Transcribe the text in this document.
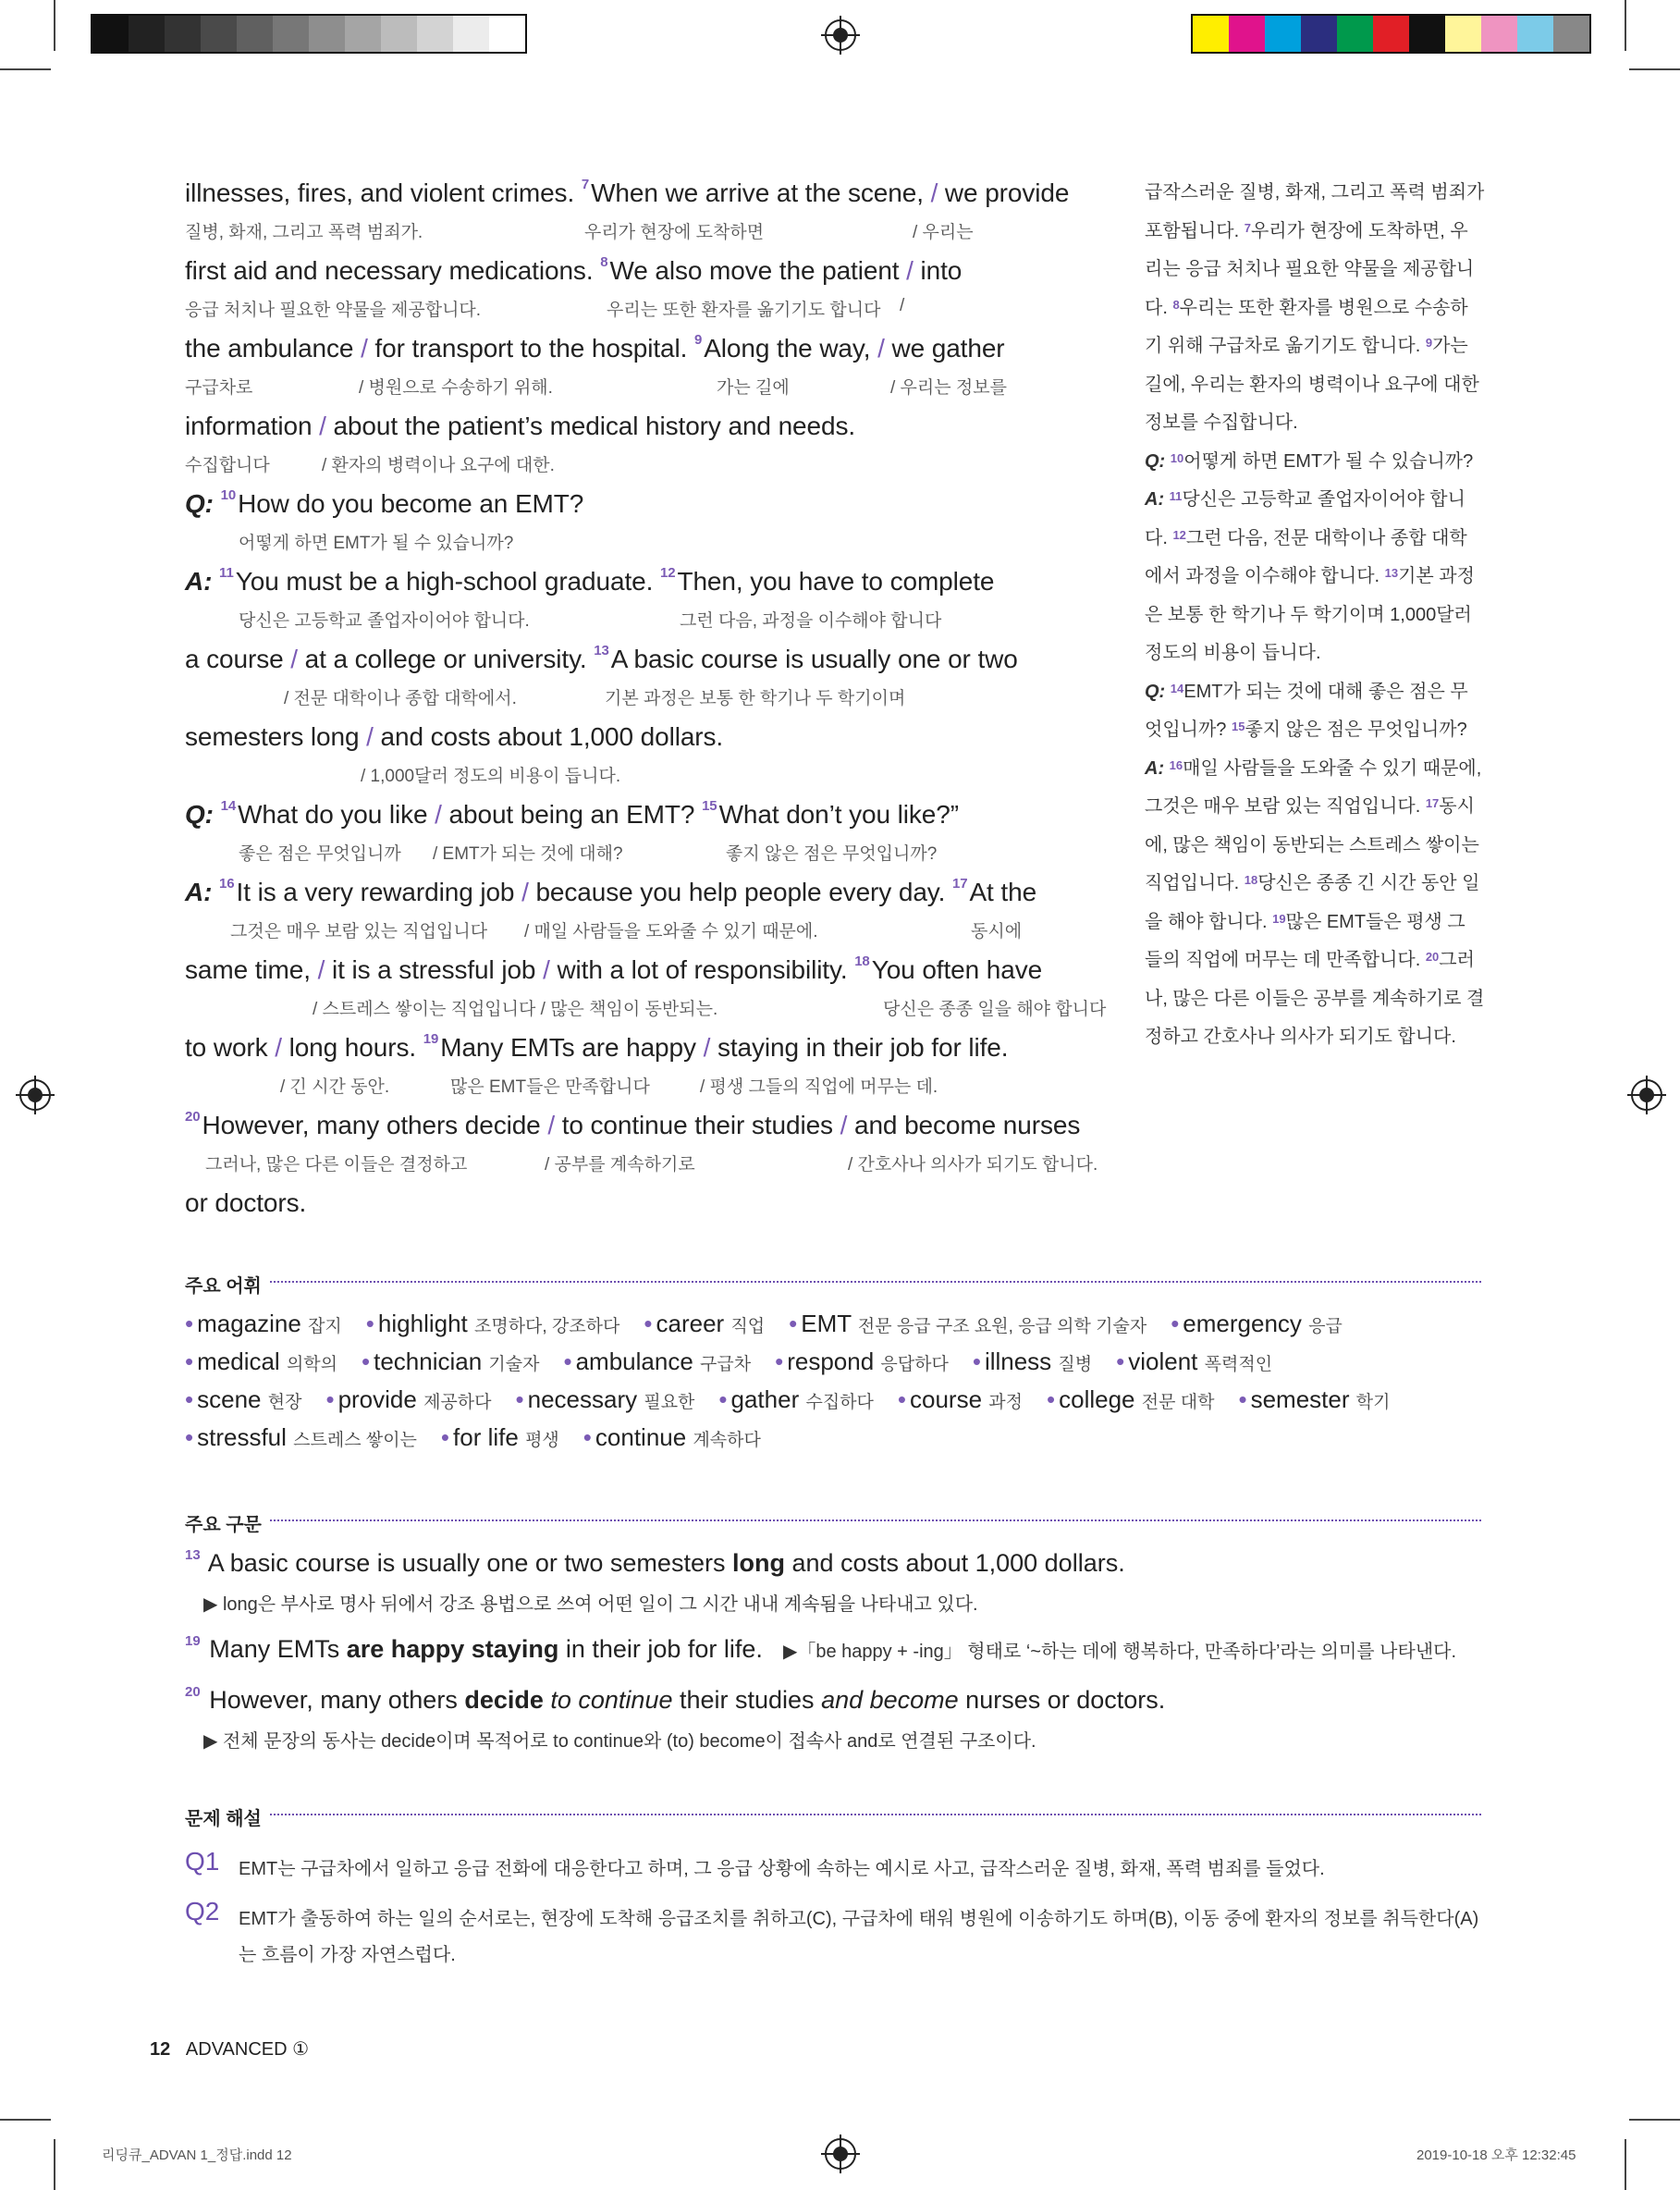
illnesses, fires, and violent crimes. $^7$When we arrive at the scene, / we provide
질병, 화재, 그리고 폭력 범죄가.	우리가 현장에 도착하면	/ 우리는
first aid and necessary medications. $^8$We also move the patient / into
응급 처치나 필요한 약물을 제공합니다.	우리는 또한 환자를 옮기기도 합니다 /
the ambulance / for transport to the hospital. $^9$Along the way, / we gather
구급차로	/ 병원으로 수송하기 위해.	가는 길에	/ 우리는 정보를
information / about the patient’s medical history and needs.
수집합니다	/ 환자의 병력이나 요구에 대한.
Q: $^{10}$How do you become an EMT?
어떻게 하면 EMT가 될 수 있습니까?
A: $^{11}$You must be a high-school graduate. $^{12}$Then, you have to complete
당신은 고등학교 졸업자이어야 합니다.	그런 다음, 과정을 이수해야 합니다
a course / at a college or university. $^{13}$A basic course is usually one or two
/ 전문 대학이나 종합 대학에서.	기본 과정은 보통 한 학기나 두 학기이며
semesters long / and costs about 1,000 dollars.
/ 1,000달러 정도의 비용이 듭니다.
Q: $^{14}$What do you like / about being an EMT? $^{15}$What don’t you like?”
좋은 점은 무엇입니까 / EMT가 되는 것에 대해?	좋지 않은 점은 무엇입니까?
A: $^{16}$It is a very rewarding job / because you help people every day. $^{17}$At the
그것은 매우 보람 있는 직업입니다 / 매일 사람들을 도와줄 수 있기 때문에.	동시에
same time, / it is a stressful job / with a lot of responsibility. $^{18}$You often have
/ 스트레스 쌓이는 직업입니다 / 많은 책임이 동반되는.	당신은 종종 일을 해야 합니다
to work / long hours. $^{19}$Many EMTs are happy / staying in their job for life.
/ 긴 시간 동안.	많은 EMT들은 만족합니다	/ 평생 그들의 직업에 머무는 데.
$^{20}$However, many others decide / to continue their studies / and become nurses
그러나, 많은 다른 이들은 결정하고	/ 공부를 계속하기로	/ 간호사나 의사가 되기도 합니다.
or doctors.
급작스러운 질병, 화재, 그리고 폭력 범죄가
포함됩니다. $^7$우리가 현장에 도착하면, 우
리는 응급 처치나 필요한 약물을 제공합니
다. $^8$우리는 또한 환자를 병원으로 수송하
기 위해 구급차로 옮기기도 합니다. $^9$가는
길에, 우리는 환자의 병력이나 요구에 대한
정보를 수집합니다.
Q: $^{10}$어떻게 하면 EMT가 될 수 있습니까?
A: $^{11}$당신은 고등학교 졸업자이어야 합니
다. $^{12}$그런 다음, 전문 대학이나 종합 대학
에서 과정을 이수해야 합니다. $^{13}$기본 과정
은 보통 한 학기나 두 학기이며 1,000달러
정도의 비용이 듭니다.
Q: $^{14}$EMT가 되는 것에 대해 좋은 점은 무
엇입니까? $^{15}$좋지 않은 점은 무엇입니까?
A: $^{16}$매일 사람들을 도와줄 수 있기 때문에,
그것은 매우 보람 있는 직업입니다. $^{17}$동시
에, 많은 책임이 동반되는 스트레스 쌓이는
직업입니다. $^{18}$당신은 종종 긴 시간 동안 일
을 해야 합니다. $^{19}$많은 EMT들은 평생 그
들의 직업에 머무는 데 만족합니다. $^{20}$그러
나, 많은 다른 이들은 공부를 계속하기로 결
정하고 간호사나 의사가 되기도 합니다.
주요 어휘
• magazine 잡지 • highlight 조명하다, 강조하다 • career 직업 • EMT 전문 응급 구조 요원, 응급 의학 기술자 • emergency 응급
• medical 의학의 • technician 기술자 • ambulance 구급차 • respond 응답하다 • illness 질병 • violent 폭력적인
• scene 현장 • provide 제공하다 • necessary 필요한 • gather 수집하다 • course 과정 • college 전문 대학 • semester 학기
• stressful 스트레스 쌓이는 • for life 평생 • continue 계속하다
주요 구문
$^{13}$ A basic course is usually one or two semesters long and costs about 1,000 dollars.
▶ long은 부사로 명사 뒤에서 강조 용법으로 쓰여 어떤 일이 그 시간 내내 계속됨을 나타내고 있다.
$^{19}$ Many EMTs are happy staying in their job for life. ▶「be happy + -ing」 형태로 ‘~하는 데에 행복하다, 만족하다’라는 의미를 나타낸다.
$^{20}$ However, many others decide to continue their studies and become nurses or doctors.
▶ 전체 문장의 동사는 decide이며 목적어로 to continue와 (to) become이 접속사 and로 연결된 구조이다.
문제 해설
Q1 EMT는 구급차에서 일하고 응급 전화에 대응한다고 하며, 그 응급 상황에 속하는 예시로 사고, 급작스러운 질병, 화재, 폭력 범죄를 들었다.
Q2 EMT가 출동하여 하는 일의 순서로는, 현장에 도착해 응급조치를 취하고(C), 구급차에 태워 병원에 이송하기도 하며(B), 이동 중에 환자의 정보를 취득한다(A)
는 흐름이 가장 자연스럽다.
12 ADVANCED ①
리딩큐_ADVAN 1_정답.indd 12	2019-10-18 오후 12:32:45
